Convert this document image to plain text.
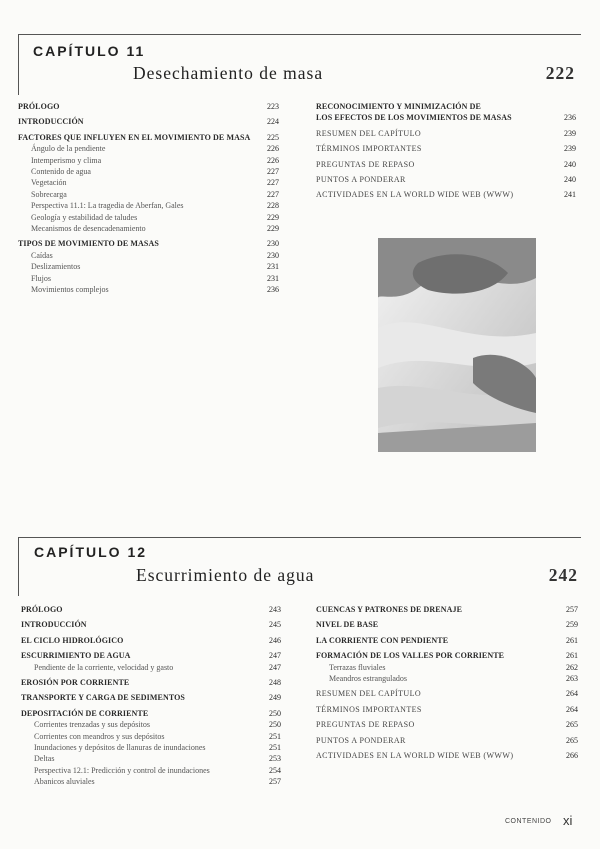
CAPÍTULO 11
Desechamiento de masa	222
PRÓLOGO	223
INTRODUCCIÓN	224
FACTORES QUE INFLUYEN EN EL MOVIMIENTO DE MASA 225
Ángulo de la pendiente	226
Intemperismo y clima	226
Contenido de agua	227
Vegetación	227
Sobrecarga	227
Perspectiva 11.1: La tragedia de Aberfan, Gales	228
Geología y estabilidad de taludes	229
Mecanismos de desencadenamiento	229
TIPOS DE MOVIMIENTO DE MASAS	230
Caídas	230
Deslizamientos	231
Flujos	231
Movimientos complejos	236
RECONOCIMIENTO Y MINIMIZACIÓN DE
LOS EFECTOS DE LOS MOVIMIENTOS DE MASAS	236
RESUMEN DEL CAPÍTULO	239
TÉRMINOS IMPORTANTES	239
PREGUNTAS DE REPASO	240
PUNTOS A PONDERAR	240
ACTIVIDADES EN LA WORLD WIDE WEB (WWW)	241
CAPÍTULO 12
Escurrimiento de agua	242
PRÓLOGO	243
INTRODUCCIÓN	245
EL CICLO HIDROLÓGICO	246
ESCURRIMIENTO DE AGUA	247
Pendiente de la corriente, velocidad y gasto	247
EROSIÓN POR CORRIENTE	248
TRANSPORTE Y CARGA DE SEDIMENTOS	249
DEPOSITACIÓN DE CORRIENTE	250
Corrientes trenzadas y sus depósitos	250
Corrientes con meandros y sus depósitos	251
Inundaciones y depósitos de llanuras de inundaciones	251
Deltas	253
Perspectiva 12.1: Predicción y control de inundaciones	254
Abanicos aluviales	257
CUENCAS Y PATRONES DE DRENAJE	257
NIVEL DE BASE	259
LA CORRIENTE CON PENDIENTE	261
FORMACIÓN DE LOS VALLES POR CORRIENTE	261
Terrazas fluviales	262
Meandros estrangulados	263
RESUMEN DEL CAPÍTULO	264
TÉRMINOS IMPORTANTES	264
PREGUNTAS DE REPASO	265
PUNTOS A PONDERAR	265
ACTIVIDADES EN LA WORLD WIDE WEB (WWW)	266
CONTENIDO xi
